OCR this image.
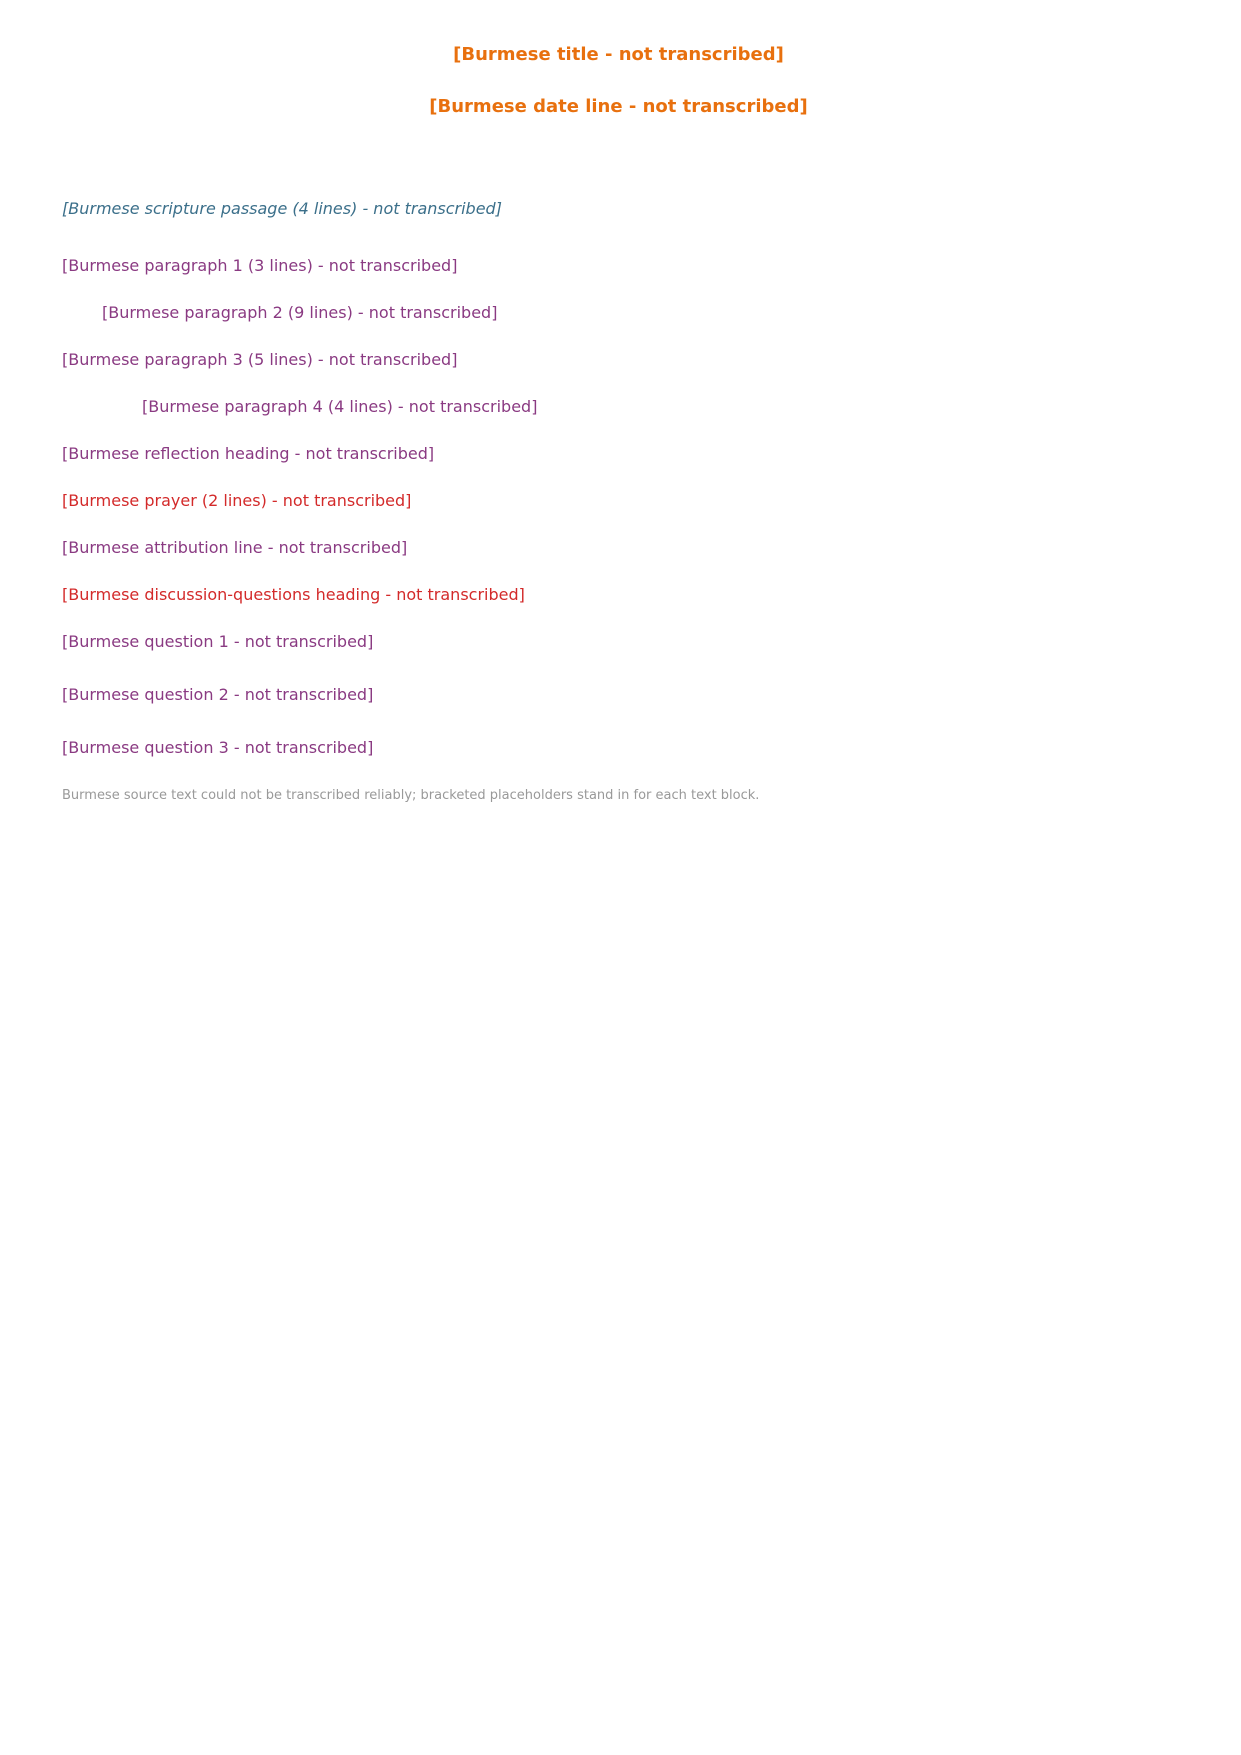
[Burmese title - not transcribed]

[Burmese date line - not transcribed]

[Burmese scripture passage (4 lines) - not transcribed]

[Burmese paragraph 1 (3 lines) - not transcribed]

[Burmese paragraph 2 (9 lines) - not transcribed]

[Burmese paragraph 3 (5 lines) - not transcribed]

[Burmese paragraph 4 (4 lines) - not transcribed]

[Burmese reflection heading - not transcribed]

[Burmese prayer (2 lines) - not transcribed]

[Burmese attribution line - not transcribed]

[Burmese discussion-questions heading - not transcribed]

[Burmese question 1 - not transcribed]

[Burmese question 2 - not transcribed]

[Burmese question 3 - not transcribed]

Burmese source text could not be transcribed reliably; bracketed placeholders stand in for each text block.
